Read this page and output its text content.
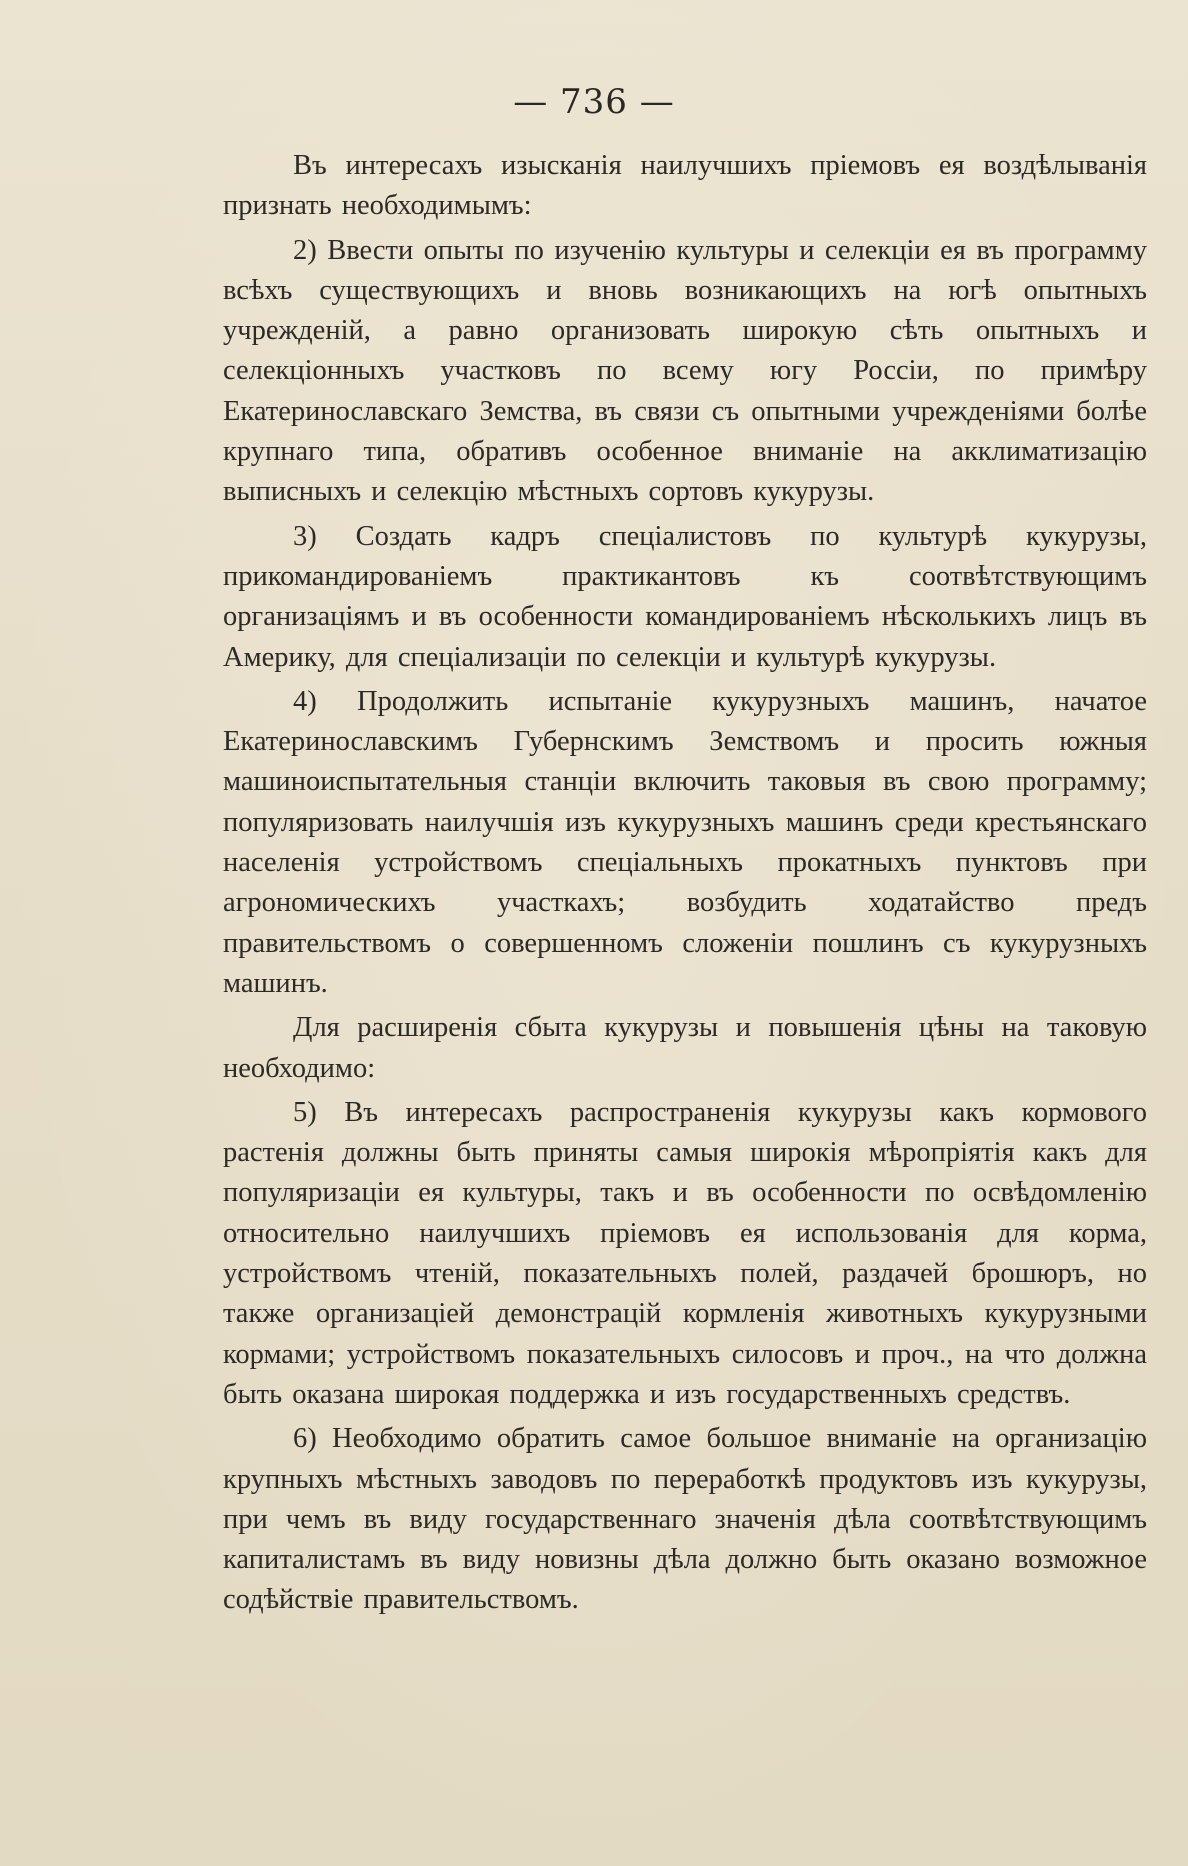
— 736 —

Въ интересахъ изысканія наилучшихъ пріемовъ ея воздѣлыванія признать необходимымъ:

2) Ввести опыты по изученію культуры и селекціи ея въ программу всѣхъ существующихъ и вновь возникающихъ на югѣ опытныхъ учрежденій, а равно организовать широкую сѣть опытныхъ и селекціонныхъ участковъ по всему югу Россіи, по примѣру Екатеринославскаго Земства, въ связи съ опытными учрежденіями болѣе крупнаго типа, обративъ особенное вниманіе на акклиматизацію выписныхъ и селекцію мѣстныхъ сортовъ кукурузы.

3) Создать кадръ спеціалистовъ по культурѣ кукурузы, прикомандированіемъ практикантовъ къ соотвѣтствующимъ организаціямъ и въ особенности командированіемъ нѣсколькихъ лицъ въ Америку, для спеціализаціи по селекціи и культурѣ кукурузы.

4) Продолжить испытаніе кукурузныхъ машинъ, начатое Екатеринославскимъ Губернскимъ Земствомъ и просить южныя машиноиспытательныя станціи включить таковыя въ свою программу; популяризовать наилучшія изъ кукурузныхъ машинъ среди крестьянскаго населенія устройствомъ спеціальныхъ прокатныхъ пунктовъ при агрономическихъ участкахъ; возбудить ходатайство предъ правительствомъ о совершенномъ сложеніи пошлинъ съ кукурузныхъ машинъ.

Для расширенія сбыта кукурузы и повышенія цѣны на таковую необходимо:

5) Въ интересахъ распространенія кукурузы какъ кормового растенія должны быть приняты самыя широкія мѣропріятія какъ для популяризаціи ея культуры, такъ и въ особенности по освѣдомленію относительно наилучшихъ пріемовъ ея использованія для корма, устройствомъ чтеній, показательныхъ полей, раздачей брошюръ, но также организаціей демонстрацій кормленія животныхъ кукурузными кормами; устройствомъ показательныхъ силосовъ и проч., на что должна быть оказана широкая поддержка и изъ государственныхъ средствъ.

6) Необходимо обратить самое большое вниманіе на организацію крупныхъ мѣстныхъ заводовъ по переработкѣ продуктовъ изъ кукурузы, при чемъ въ виду государственнаго значенія дѣла соотвѣтствующимъ капиталистамъ въ виду новизны дѣла должно быть оказано возможное содѣйствіе правительствомъ.
